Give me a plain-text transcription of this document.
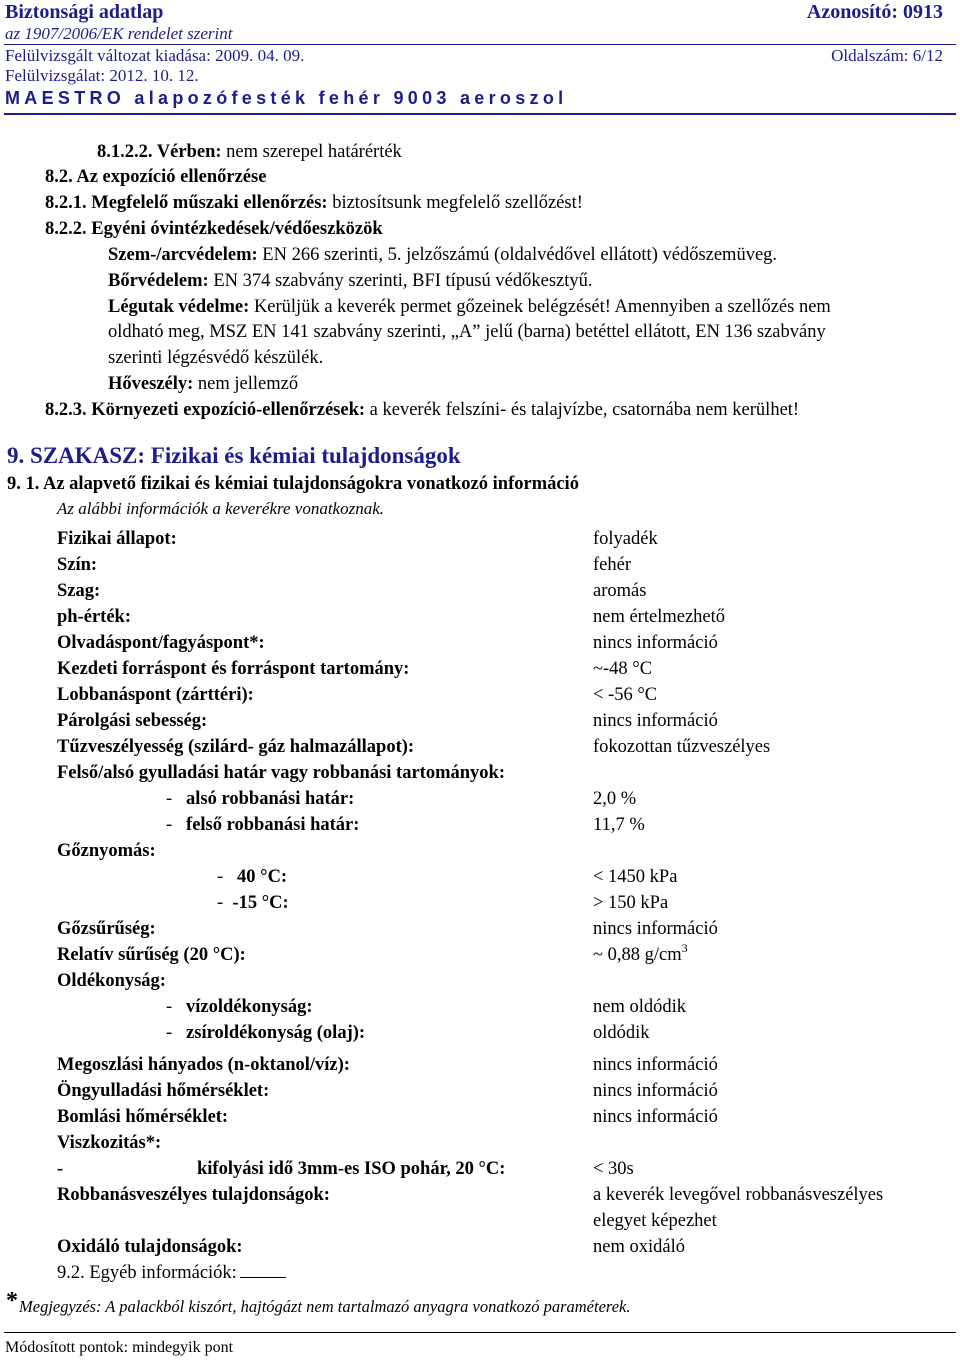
Biztonsági adatlap	Azonosító: 0913
az 1907/2006/EK rendelet szerint
Felülvizsgált változat kiadása: 2009. 04. 09.	Oldalszám: 6/12
Felülvizsgálat: 2012. 10. 12.
MAESTRO alapozófesték fehér 9003 aeroszol
8.1.2.2. Vérben: nem szerepel határérték
8.2. Az expozíció ellenőrzése
8.2.1. Megfelelő műszaki ellenőrzés: biztosítsunk megfelelő szellőzést!
8.2.2. Egyéni óvintézkedések/védőeszközök
Szem-/arcvédelem: EN 266 szerinti, 5. jelzőszámú (oldalvédővel ellátott) védőszemüveg.
Bőrvédelem: EN 374 szabvány szerinti, BFI típusú védőkesztyű.
Légutak védelme: Kerüljük a keverék permet gőzeinek belégzését! Amennyiben a szellőzés nem
oldható meg, MSZ EN 141 szabvány szerinti, „A” jelű (barna) betéttel ellátott, EN 136 szabvány
szerinti légzésvédő készülék.
Hőveszély: nem jellemző
8.2.3. Környezeti expozíció-ellenőrzések: a keverék felszíni- és talajvízbe, csatornába nem kerülhet!
9. SZAKASZ: Fizikai és kémiai tulajdonságok
9. 1. Az alapvető fizikai és kémiai tulajdonságokra vonatkozó információ
Az alábbi információk a keverékre vonatkoznak.
Fizikai állapot:	folyadék
Szín:	fehér
Szag:	aromás
ph-érték:	nem értelmezhető
Olvadáspont/fagyáspont*:	nincs információ
Kezdeti forráspont és forráspont tartomány:	~-48 °C
Lobbanáspont (zárttéri):	< -56 °C
Párolgási sebesség:	nincs információ
Tűzveszélyesség (szilárd- gáz halmazállapot):	fokozottan tűzveszélyes
Felső/alsó gyulladási határ vagy robbanási tartományok:
- alsó robbanási határ:	2,0 %
- felső robbanási határ:	11,7 %
Gőznyomás:
- 40 °C:	< 1450 kPa
- -15 °C:	> 150 kPa
Gőzsűrűség:	nincs információ
Relatív sűrűség (20 °C):	~ 0,88 $g/cm^3$
Oldékonyság:
- vízoldékonyság:	nem oldódik
- zsíroldékonyság (olaj):	oldódik
Megoszlási hányados (n-oktanol/víz):	nincs információ
Öngyulladási hőmérséklet:	nincs információ
Bomlási hőmérséklet:	nincs információ
Viszkozitás*:
-	kifolyási idő 3mm-es ISO pohár, 20 °C:	< 30s
Robbanásveszélyes tulajdonságok:	a keverék levegővel robbanásveszélyes
elegyet képezhet
Oxidáló tulajdonságok:	nem oxidáló
9.2. Egyéb információk:
* Megjegyzés: A palackból kiszórt, hajtógázt nem tartalmazó anyagra vonatkozó paraméterek.
Módosított pontok: mindegyik pont
